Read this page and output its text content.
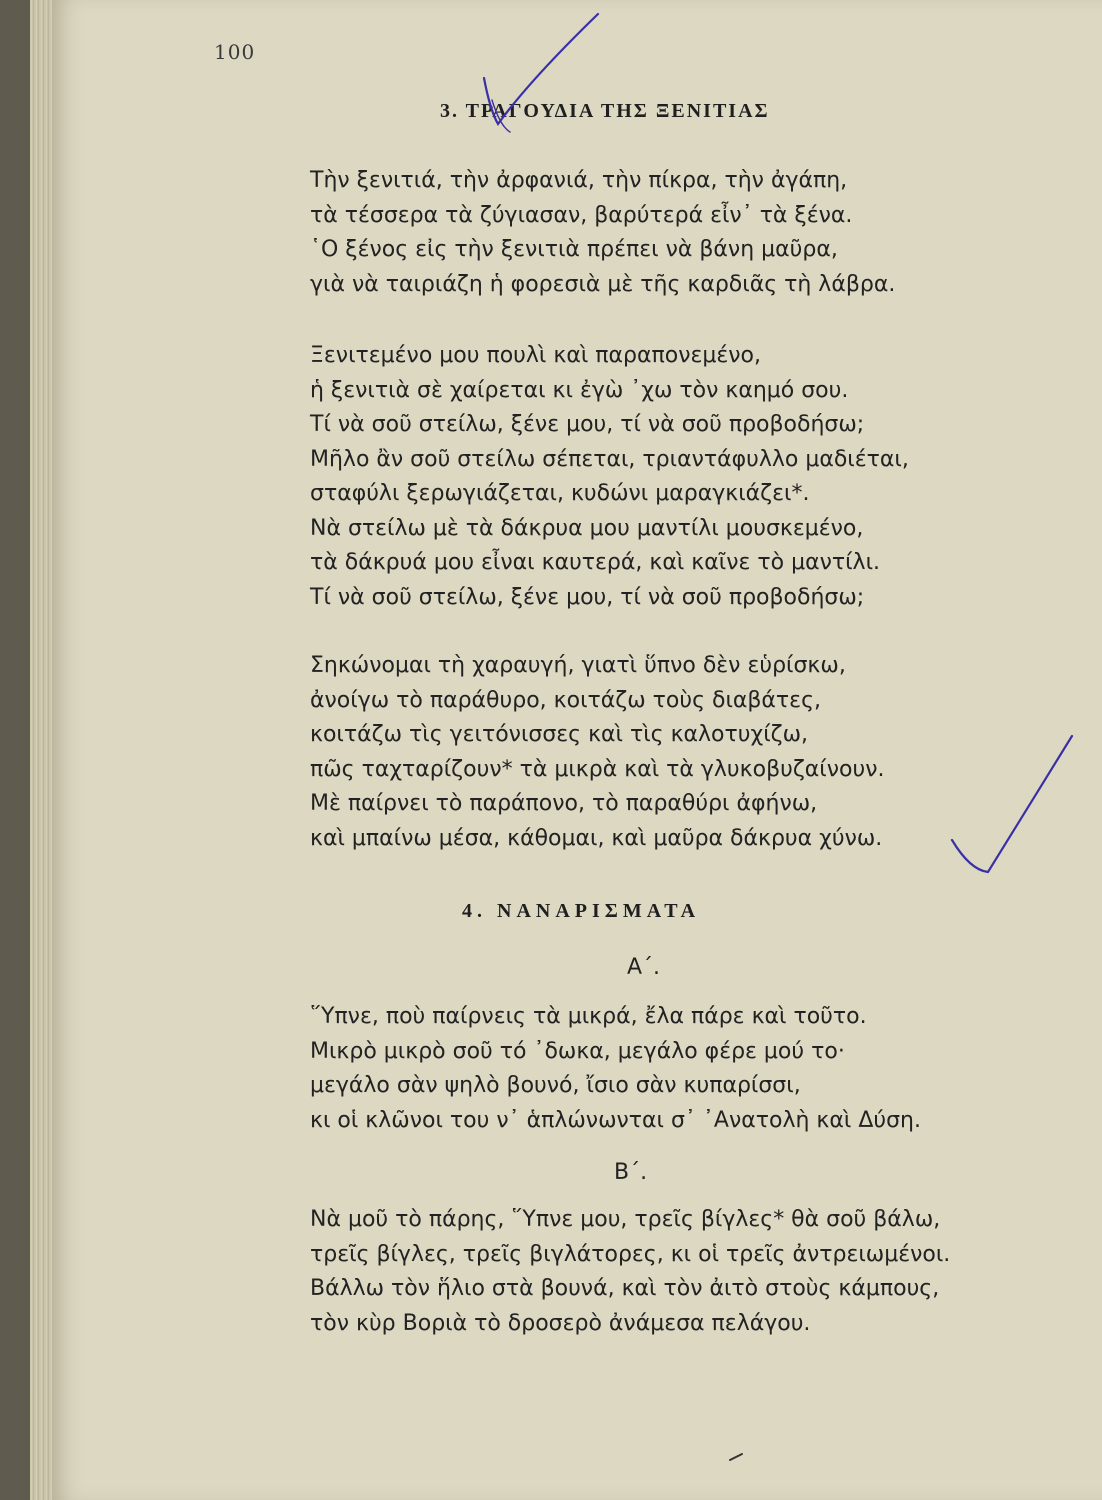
100
3. ΤΡΑΓΟΥΔΙΑ ΤΗΣ ΞΕΝΙΤΙΑΣ
Τὴν ξενιτιά, τὴν ἀρφανιά, τὴν πίκρα, τὴν ἀγάπη,
τὰ τέσσερα τὰ ζύγιασαν, βαρύτερά εἶν᾽ τὰ ξένα.
῾Ο ξένος εἰς τὴν ξενιτιὰ πρέπει νὰ βάνη μαῦρα,
γιὰ νὰ ταιριάζη ἡ φορεσιὰ μὲ τῆς καρδιᾶς τὴ λάβρα.
Ξενιτεμένο μου πουλὶ καὶ παραπονεμένο,
ἡ ξενιτιὰ σὲ χαίρεται κι ἐγὼ ᾽χω τὸν καημό σου.
Τί νὰ σοῦ στείλω, ξένε μου, τί νὰ σοῦ προβοδήσω;
Μῆλο ἂν σοῦ στείλω σέπεται, τριαντάφυλλο μαδιέται,
σταφύλι ξερωγιάζεται, κυδώνι μαραγκιάζει*.
Νὰ στείλω μὲ τὰ δάκρυα μου μαντίλι μουσκεμένο,
τὰ δάκρυά μου εἶναι καυτερά, καὶ καῖνε τὸ μαντίλι.
Τί νὰ σοῦ στείλω, ξένε μου, τί νὰ σοῦ προβοδήσω;
Σηκώνομαι τὴ χαραυγή, γιατὶ ὕπνο δὲν εὑρίσκω,
ἀνοίγω τὸ παράθυρο, κοιτάζω τοὺς διαβάτες,
κοιτάζω τὶς γειτόνισσες καὶ τὶς καλοτυχίζω,
πῶς ταχταρίζουν* τὰ μικρὰ καὶ τὰ γλυκοβυζαίνουν.
Μὲ παίρνει τὸ παράπονο, τὸ παραθύρι ἀφήνω,
καὶ μπαίνω μέσα, κάθομαι, καὶ μαῦρα δάκρυα χύνω.
4. ΝΑΝΑΡΙΣΜΑΤΑ
Α΄.
῞Υπνε, ποὺ παίρνεις τὰ μικρά, ἔλα πάρε καὶ τοῦτο.
Μικρὸ μικρὸ σοῦ τό ᾽δωκα, μεγάλο φέρε μού το·
μεγάλο σὰν ψηλὸ βουνό, ἴσιο σὰν κυπαρίσσι,
κι οἱ κλῶνοι του ν᾽ ἁπλώνωνται σ᾽ ᾽Ανατολὴ καὶ Δύση.
Β΄.
Νὰ μοῦ τὸ πάρης, ῞Υπνε μου, τρεῖς βίγλες* θὰ σοῦ βάλω,
τρεῖς βίγλες, τρεῖς βιγλάτορες, κι οἱ τρεῖς ἀντρειωμένοι.
Βάλλω τὸν ἥλιο στὰ βουνά, καὶ τὸν ἀιτὸ στοὺς κάμπους,
τὸν κὺρ Βοριὰ τὸ δροσερὸ ἀνάμεσα πελάγου.
